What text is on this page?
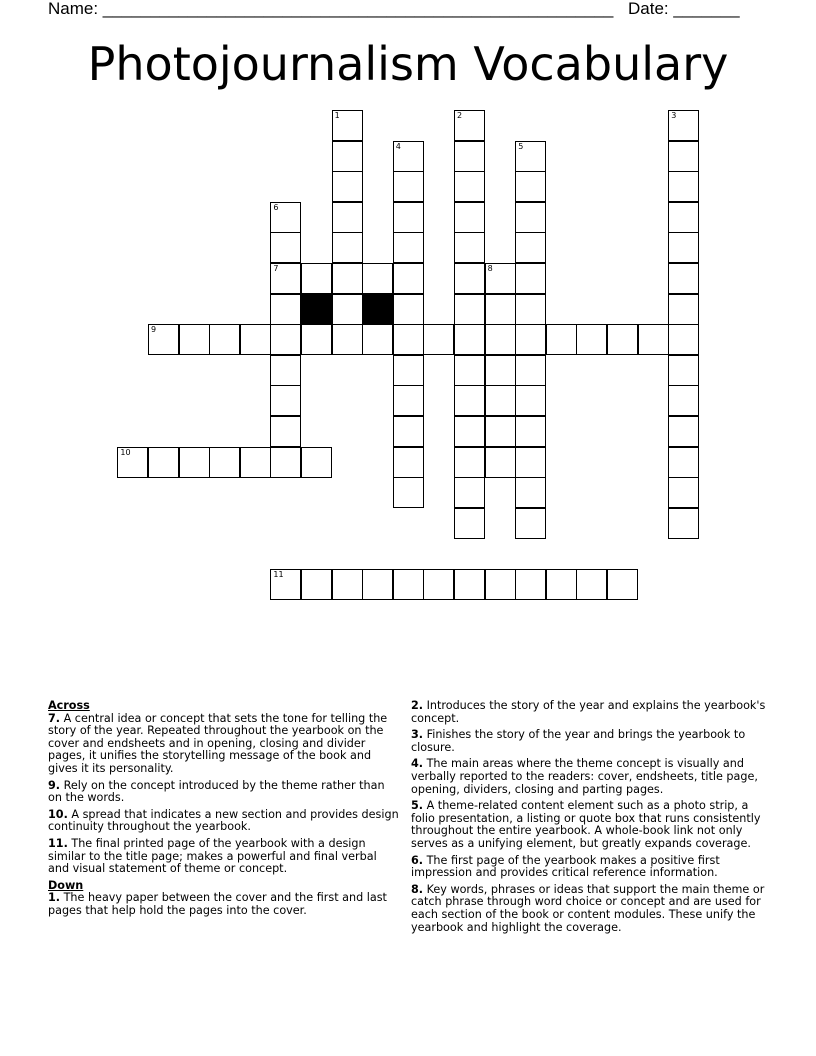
Name: ______________________________________________________ Date: _______
Photojournalism Vocabulary
1	2	3
4	5
6
7	8
9
10
11

Across

7. A central idea or concept that sets the tone for telling the story of the year. Repeated throughout the yearbook on the cover and endsheets and in opening, closing and divider pages, it unifies the storytelling message of the book and gives it its personality.

9. Rely on the concept introduced by the theme rather than on the words.

10. A spread that indicates a new section and provides design continuity throughout the yearbook.

11. The final printed page of the yearbook with a design similar to the title page; makes a powerful and final verbal and visual statement of theme or concept.

Down

1. The heavy paper between the cover and the first and last pages that help hold the pages into the cover.

2. Introduces the story of the year and explains the yearbook's concept.

3. Finishes the story of the year and brings the yearbook to closure.

4. The main areas where the theme concept is visually and verbally reported to the readers: cover, endsheets, title page, opening, dividers, closing and parting pages.

5. A theme-related content element such as a photo strip, a folio presentation, a listing or quote box that runs consistently throughout the entire yearbook. A whole-book link not only serves as a unifying element, but greatly expands coverage.

6. The first page of the yearbook makes a positive first impression and provides critical reference information.

8. Key words, phrases or ideas that support the main theme or catch phrase through word choice or concept and are used for each section of the book or content modules. These unify the yearbook and highlight the coverage.
